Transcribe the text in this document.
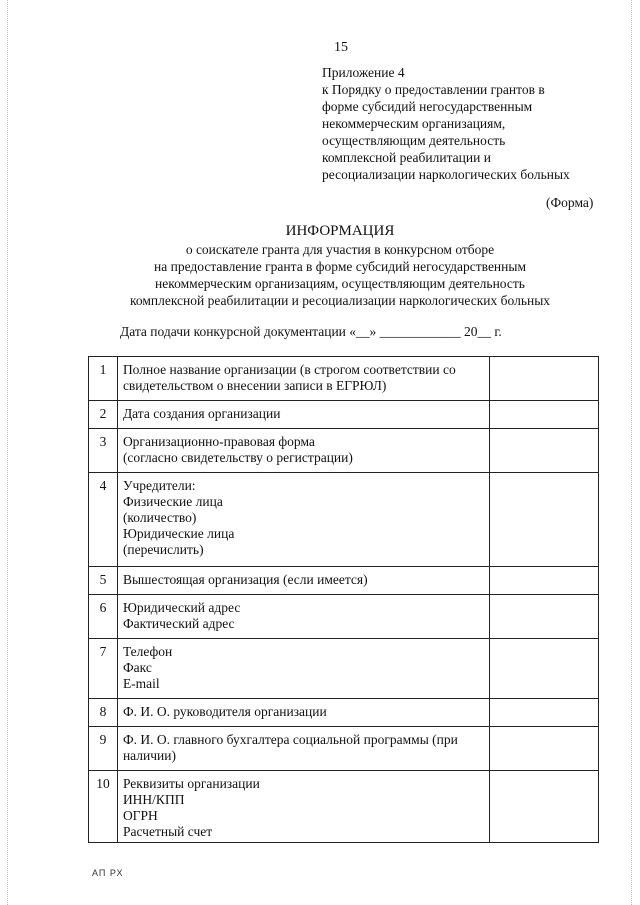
15
Приложение 4
к Порядку о предоставлении грантов в
форме субсидий негосударственным
некоммерческим организациям,
осуществляющим деятельность
комплексной реабилитации и
ресоциализации наркологических больных
(Форма)
ИНФОРМАЦИЯ
о соискателе гранта для участия в конкурсном отборе
на предоставление гранта в форме субсидий негосударственным
некоммерческим организациям, осуществляющим деятельность
комплексной реабилитации и ресоциализации наркологических больных
Дата подачи конкурсной документации «__» ____________ 20__ г.
1	Полное название организации (в строгом соответствии со
свидетельством о внесении записи в ЕГРЮЛ)	

2	Дата создания организации	

3	Организационно-правовая форма
(согласно свидетельству о регистрации)	

4	Учредители:
Физические лица
(количество)
Юридические лица
(перечислить)	

5	Вышестоящая организация (если имеется)	

6	Юридический адрес
Фактический адрес	

7	Телефон
Факс
E-mail	

8	Ф. И. О. руководителя организации	

9	Ф. И. О. главного бухгалтера социальной программы (при
наличии)	

10	Реквизиты организации
ИНН/КПП
ОГРН
Расчетный счет	

АП РХ
